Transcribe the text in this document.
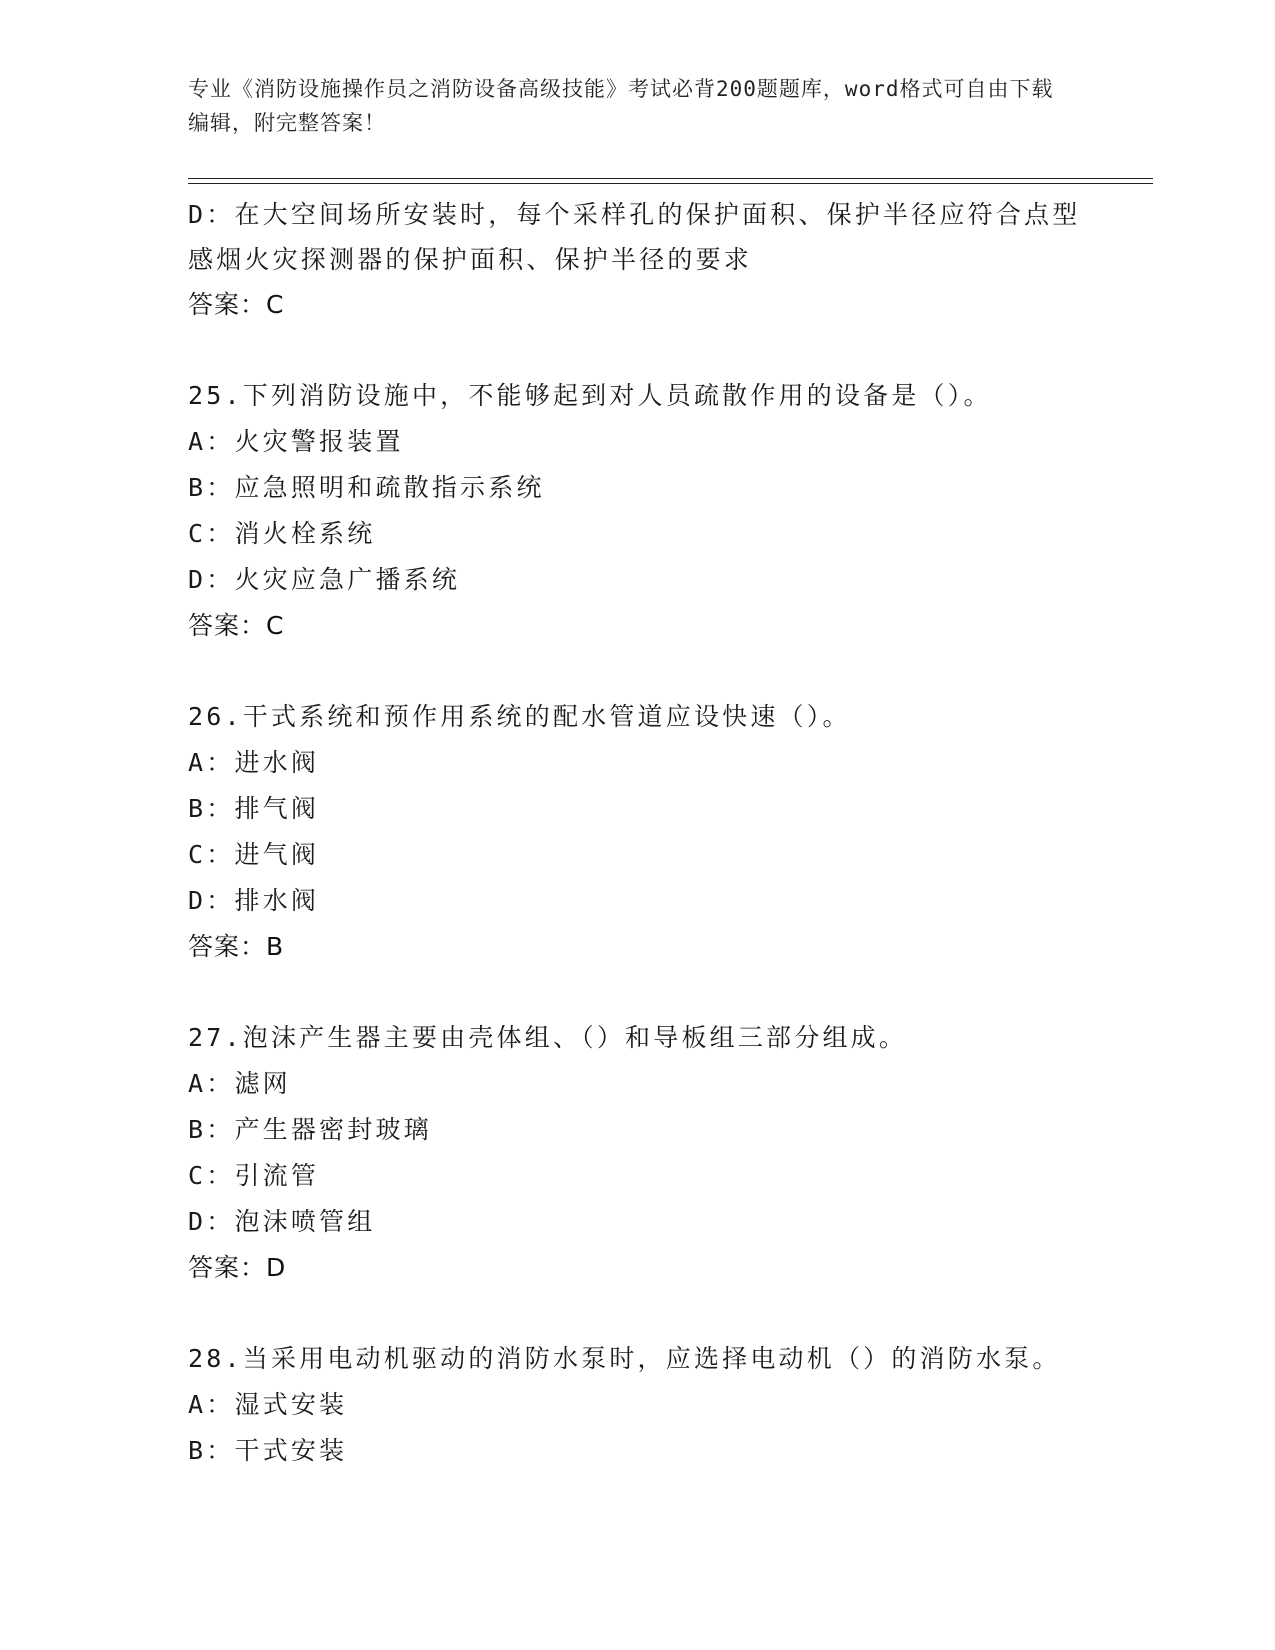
专业《消防设施操作员之消防设备高级技能》考试必背200题题库，word格式可自由下载编辑，附完整答案！
D：在大空间场所安装时，每个采样孔的保护面积、保护半径应符合点型感烟火灾探测器的保护面积、保护半径的要求
答案：C
25.下列消防设施中，不能够起到对人员疏散作用的设备是（）。
A：火灾警报装置
B：应急照明和疏散指示系统
C：消火栓系统
D：火灾应急广播系统
答案：C
26.干式系统和预作用系统的配水管道应设快速（）。
A：进水阀
B：排气阀
C：进气阀
D：排水阀
答案：B
27.泡沫产生器主要由壳体组、（）和导板组三部分组成。
A：滤网
B：产生器密封玻璃
C：引流管
D：泡沫喷管组
答案：D
28.当采用电动机驱动的消防水泵时，应选择电动机（）的消防水泵。
A：湿式安装
B：干式安装
